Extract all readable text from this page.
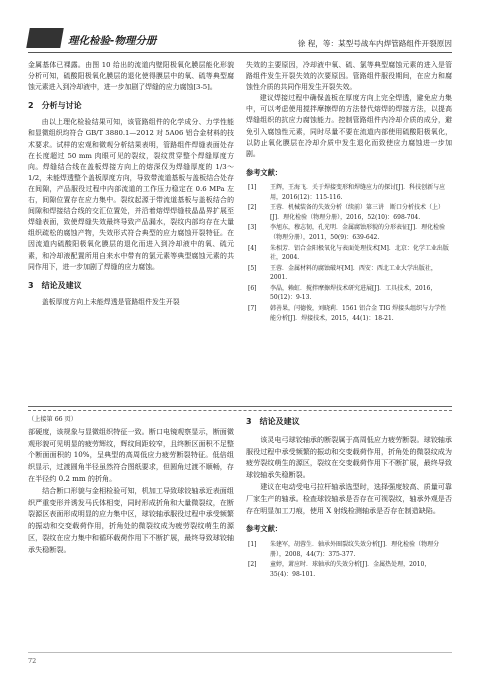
理化检验-物理分册	徐 程，等：某型号战车内焊管路组件开裂原因

金属基体已裸露。由图 10 给出的流道内壁阳极氧化膜层能化形貌分析可知，硫酸阳极氧化膜层的退化使得膜层中的氧、硫等典型腐蚀元素进入到冷却液中，进一步加剧了焊缝的应力腐蚀[3-5]。

2　分析与讨论

由以上理化检验结果可知，该管路组件的化学成分、力学性能和显微组织均符合 GB/T 3880.1—2012 对 5A06 铝合金材料的技术要求。试样的宏观和微观分析结果表明，管路组件焊缝表面处存在长度超过 50 mm 肉眼可见的裂纹，裂纹贯穿整个焊缝厚度方向。焊缝结合线在盖板焊接方向上的熔深仅为焊缝厚度的 1/3～1/2，未能焊透整个盖板厚度方向，导致带流道基板与盖板结合处存在间隙，产品服役过程中内部流道的工作压力稳定在 0.6 MPa 左右，间隙位置存在应力集中。裂纹起源于带流道基板与盖板结合的间隙和焊接结合线的交汇位置处，并沿着熔焊焊缝枝晶晶界扩展至焊缝表面，致使焊缝失效最终导致产品漏水，裂纹内部均存在大量组织疏松的腐蚀产物，失效形式符合典型的应力腐蚀开裂特征。在因流道内硫酸阳极氧化膜层的退化而进入到冷却液中的氧、硫元素，和冷却液配置所用自来水中带有的氯元素等典型腐蚀元素的共同作用下，进一步加剧了焊缝的应力腐蚀。

3　结论及建议

盖板厚度方向上未能焊透是管路组件发生开裂

失效的主要原因，冷却液中氧、硫、氯等典型腐蚀元素的进入是管路组件发生开裂失效的次要原因。管路组件服役期间，在应力和腐蚀性介质的共同作用发生开裂失效。

建议焊接过程中确保盖板在厚度方向上完全焊透，避免应力集中，可以考虑使用搅拌摩擦焊的方法替代熔焊的焊接方法，以提高焊缝组织的抗应力腐蚀能力。控制管路组件内冷却介质的成分，避免引入腐蚀性元素，同时尽量不要在流道内部使用硫酸阳极氧化，以防止氧化膜层在冷却介质中发生退化而致使应力腐蚀进一步加剧。

参考文献：
[1] 王辉，王海飞．关于焊接变形和焊缝应力的探讨[J]．科技创新与应用，2016(12)：115-116.
[2] 王蓉．机械装备的失效分析（续前）第三讲　断口分析技术（上）[J]．理化检验（物理分册），2016，52(10)：698-704.
[3] 李旭东，穆志韧，孔光明．金属腐蚀形貌的分形表征[J]．理化检验（物理分册），2011，50(9)：639-642.
[4] 朱相芳．铝合金阳极氧化与表面处理技术[M]．北京：化学工业出版社，2004.
[5] 王蓉．金属材料的腐蚀破坏[M]．西安：西北工业大学出版社，2001.
[6] 李晶，赖虹．搅拌摩擦焊技术研究进展[J]．工具技术，2016，50(12)：9-13.
[7] 韩善果，闫德俊，刘晓莉．1561 铝合金 TIG 焊接头组织与力学性能分析[J]．焊接技术，2015，44(1)：18-21.

（上接第 66 页）

部硬度，该规象与显微组织特征一致。断口电镜观察显示，断面微观形貌可见明显的疲劳辉纹，辉纹间距较窄，且终断区面积不足整个断面面积的 10%，呈典型的高周低应力疲劳断裂特征。低倍组织显示，过渡圆角半径虽然符合图纸要求，但圆角过渡不顺畅，存在半径约 0.2 mm 的折角。

结合断口形貌与金相检验可知，机加工导致球铰轴承近表面组织严重变形并诱发马氏体相变，同时形成折角和大量微裂纹，在断裂源区表面形成明显的应力集中区，球铰轴承服役过程中承受频繁的振动和交变载荷作用，折角处的微裂纹成为疲劳裂纹萌生的源区，裂纹在应力集中和循环载荷作用下不断扩展，最终导致球铰轴承失稳断裂。

3　结论及建议

该灵电弓球铰轴承的断裂属于高周低应力疲劳断裂。球铰轴承服役过程中承受频繁的振动和交变载荷作用，折角处的微裂纹成为疲劳裂纹萌生的源区，裂纹在交变载荷作用下不断扩展，最终导致球铰轴承失稳断裂。

建议在电动受电弓拉杆轴承选型时，选择强度较高、质量可靠厂家生产的轴承。检查球铰轴承是否存在可视裂纹，轴承外观是否存在明显加工刀痕，使用 X 射线检测轴承是否存在制造缺陷。

参考文献：
[1] 朱建军，胡蓉生．轴承外圈裂纹失效分析[J]．理化检验（物理分册），2008，44(7)：375-377.
[2] 童婷，萧应时．球轴承的失效分析[J]．金属热处理，2010，35(4)：98-101.
72
